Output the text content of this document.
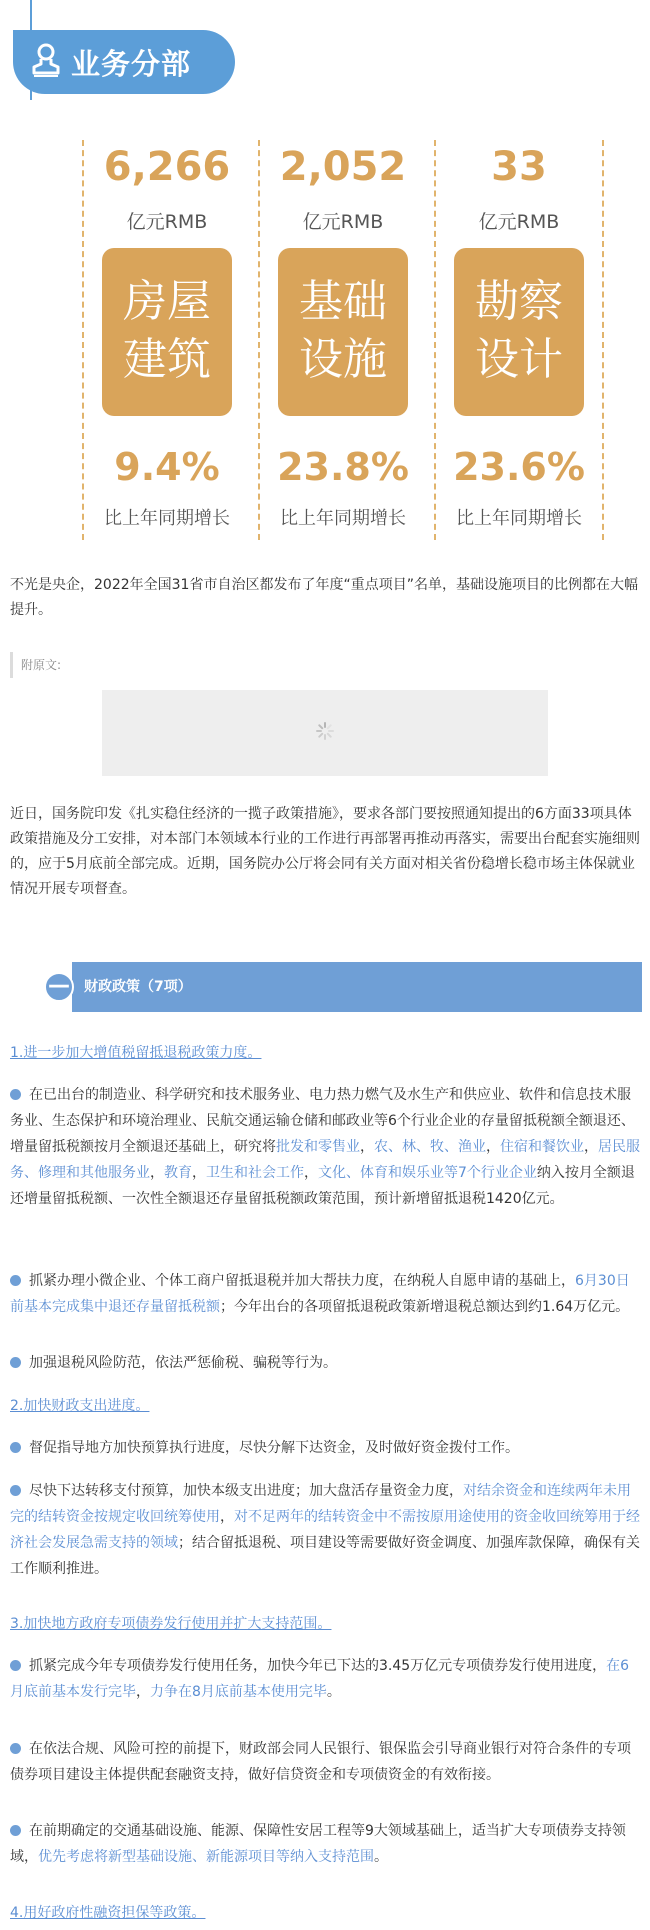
业务分部
6,266
亿元RMB
房屋
建筑
9.4%
比上年同期增长
2,052
亿元RMB
基础
设施
23.8%
比上年同期增长
33
亿元RMB
勘察
设计
23.6%
比上年同期增长
不光是央企，2022年全国31省市自治区都发布了年度“重点项目”名单，基础设施项目的比例都在大幅提升。
附原文:
近日，国务院印发《扎实稳住经济的一揽子政策措施》，要求各部门要按照通知提出的6方面33项具体政策措施及分工安排，对本部门本领域本行业的工作进行再部署再推动再落实，需要出台配套实施细则的，应于5月底前全部完成。近期，国务院办公厅将会同有关方面对相关省份稳增长稳市场主体保就业情况开展专项督查。
— 财政政策（7项）
1.进一步加大增值税留抵退税政策力度。
在已出台的制造业、科学研究和技术服务业、电力热力燃气及水生产和供应业、软件和信息技术服务业、生态保护和环境治理业、民航交通运输仓储和邮政业等6个行业企业的存量留抵税额全额退还、增量留抵税额按月全额退还基础上，研究将批发和零售业，农、林、牧、渔业，住宿和餐饮业，居民服务、修理和其他服务业，教育，卫生和社会工作，文化、体育和娱乐业等7个行业企业纳入按月全额退还增量留抵税额、一次性全额退还存量留抵税额政策范围，预计新增留抵退税1420亿元。
抓紧办理小微企业、个体工商户留抵退税并加大帮扶力度，在纳税人自愿申请的基础上，6月30日前基本完成集中退还存量留抵税额；今年出台的各项留抵退税政策新增退税总额达到约1.64万亿元。
加强退税风险防范，依法严惩偷税、骗税等行为。
2.加快财政支出进度。
督促指导地方加快预算执行进度，尽快分解下达资金，及时做好资金拨付工作。
尽快下达转移支付预算，加快本级支出进度；加大盘活存量资金力度，对结余资金和连续两年未用完的结转资金按规定收回统筹使用，对不足两年的结转资金中不需按原用途使用的资金收回统筹用于经济社会发展急需支持的领域；结合留抵退税、项目建设等需要做好资金调度、加强库款保障，确保有关工作顺利推进。
3.加快地方政府专项债券发行使用并扩大支持范围。
抓紧完成今年专项债券发行使用任务，加快今年已下达的3.45万亿元专项债券发行使用进度，在6月底前基本发行完毕，力争在8月底前基本使用完毕。
在依法合规、风险可控的前提下，财政部会同人民银行、银保监会引导商业银行对符合条件的专项债券项目建设主体提供配套融资支持，做好信贷资金和专项债资金的有效衔接。
在前期确定的交通基础设施、能源、保障性安居工程等9大领域基础上，适当扩大专项债券支持领域，优先考虑将新型基础设施、新能源项目等纳入支持范围。
4.用好政府性融资担保等政策。
